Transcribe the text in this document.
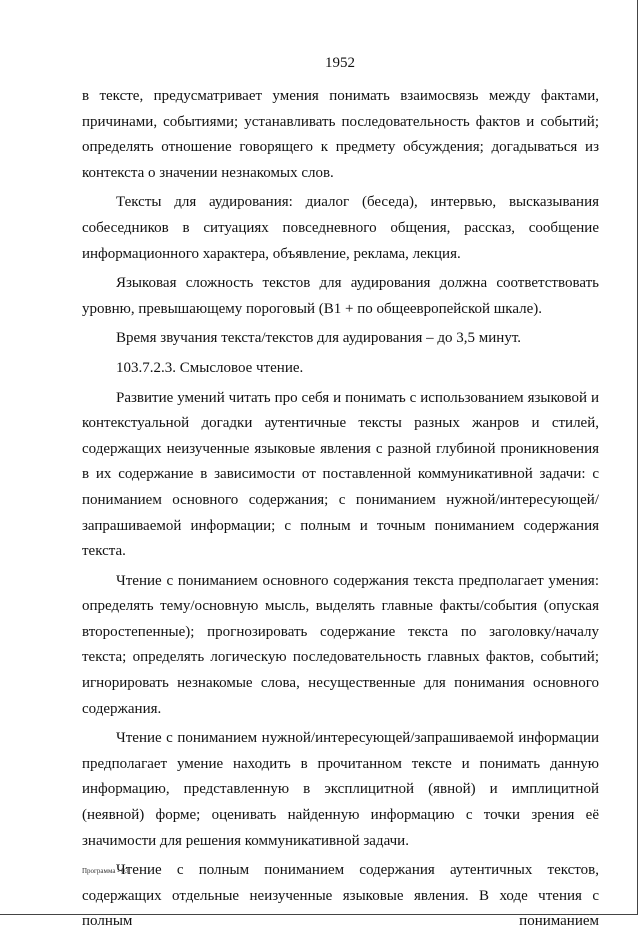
1952

в тексте, предусматривает умения понимать взаимосвязь между фактами, причинами, событиями; устанавливать последовательность фактов и событий; определять отношение говорящего к предмету обсуждения; догадываться из контекста о значении незнакомых слов.

Тексты для аудирования: диалог (беседа), интервью, высказывания собеседников в ситуациях повседневного общения, рассказ, сообщение информационного характера, объявление, реклама, лекция.

Языковая сложность текстов для аудирования должна соответствовать уровню, превышающему пороговый (В1 + по общеевропейской шкале).

Время звучания текста/текстов для аудирования – до 3,5 минут.

103.7.2.3. Смысловое чтение.

Развитие умений читать про себя и понимать с использованием языковой и контекстуальной догадки аутентичные тексты разных жанров и стилей, содержащих неизученные языковые явления с разной глубиной проникновения в их содержание в зависимости от поставленной коммуникативной задачи: с пониманием основного содержания; с пониманием нужной/интересующей/запрашиваемой информации; с полным и точным пониманием содержания текста.

Чтение с пониманием основного содержания текста предполагает умения: определять тему/основную мысль, выделять главные факты/события (опуская второстепенные); прогнозировать содержание текста по заголовку/началу текста; определять логическую последовательность главных фактов, событий; игнорировать незнакомые слова, несущественные для понимания основного содержания.

Чтение с пониманием нужной/интересующей/запрашиваемой информации предполагает умение находить в прочитанном тексте и понимать данную информацию, представленную в эксплицитной (явной) и имплицитной (неявной) форме; оценивать найденную информацию с точки зрения её значимости для решения коммуникативной задачи.

Чтение с полным пониманием содержания аутентичных текстов, содержащих отдельные неизученные языковые явления. В ходе чтения с полным пониманием

Программа - 03
